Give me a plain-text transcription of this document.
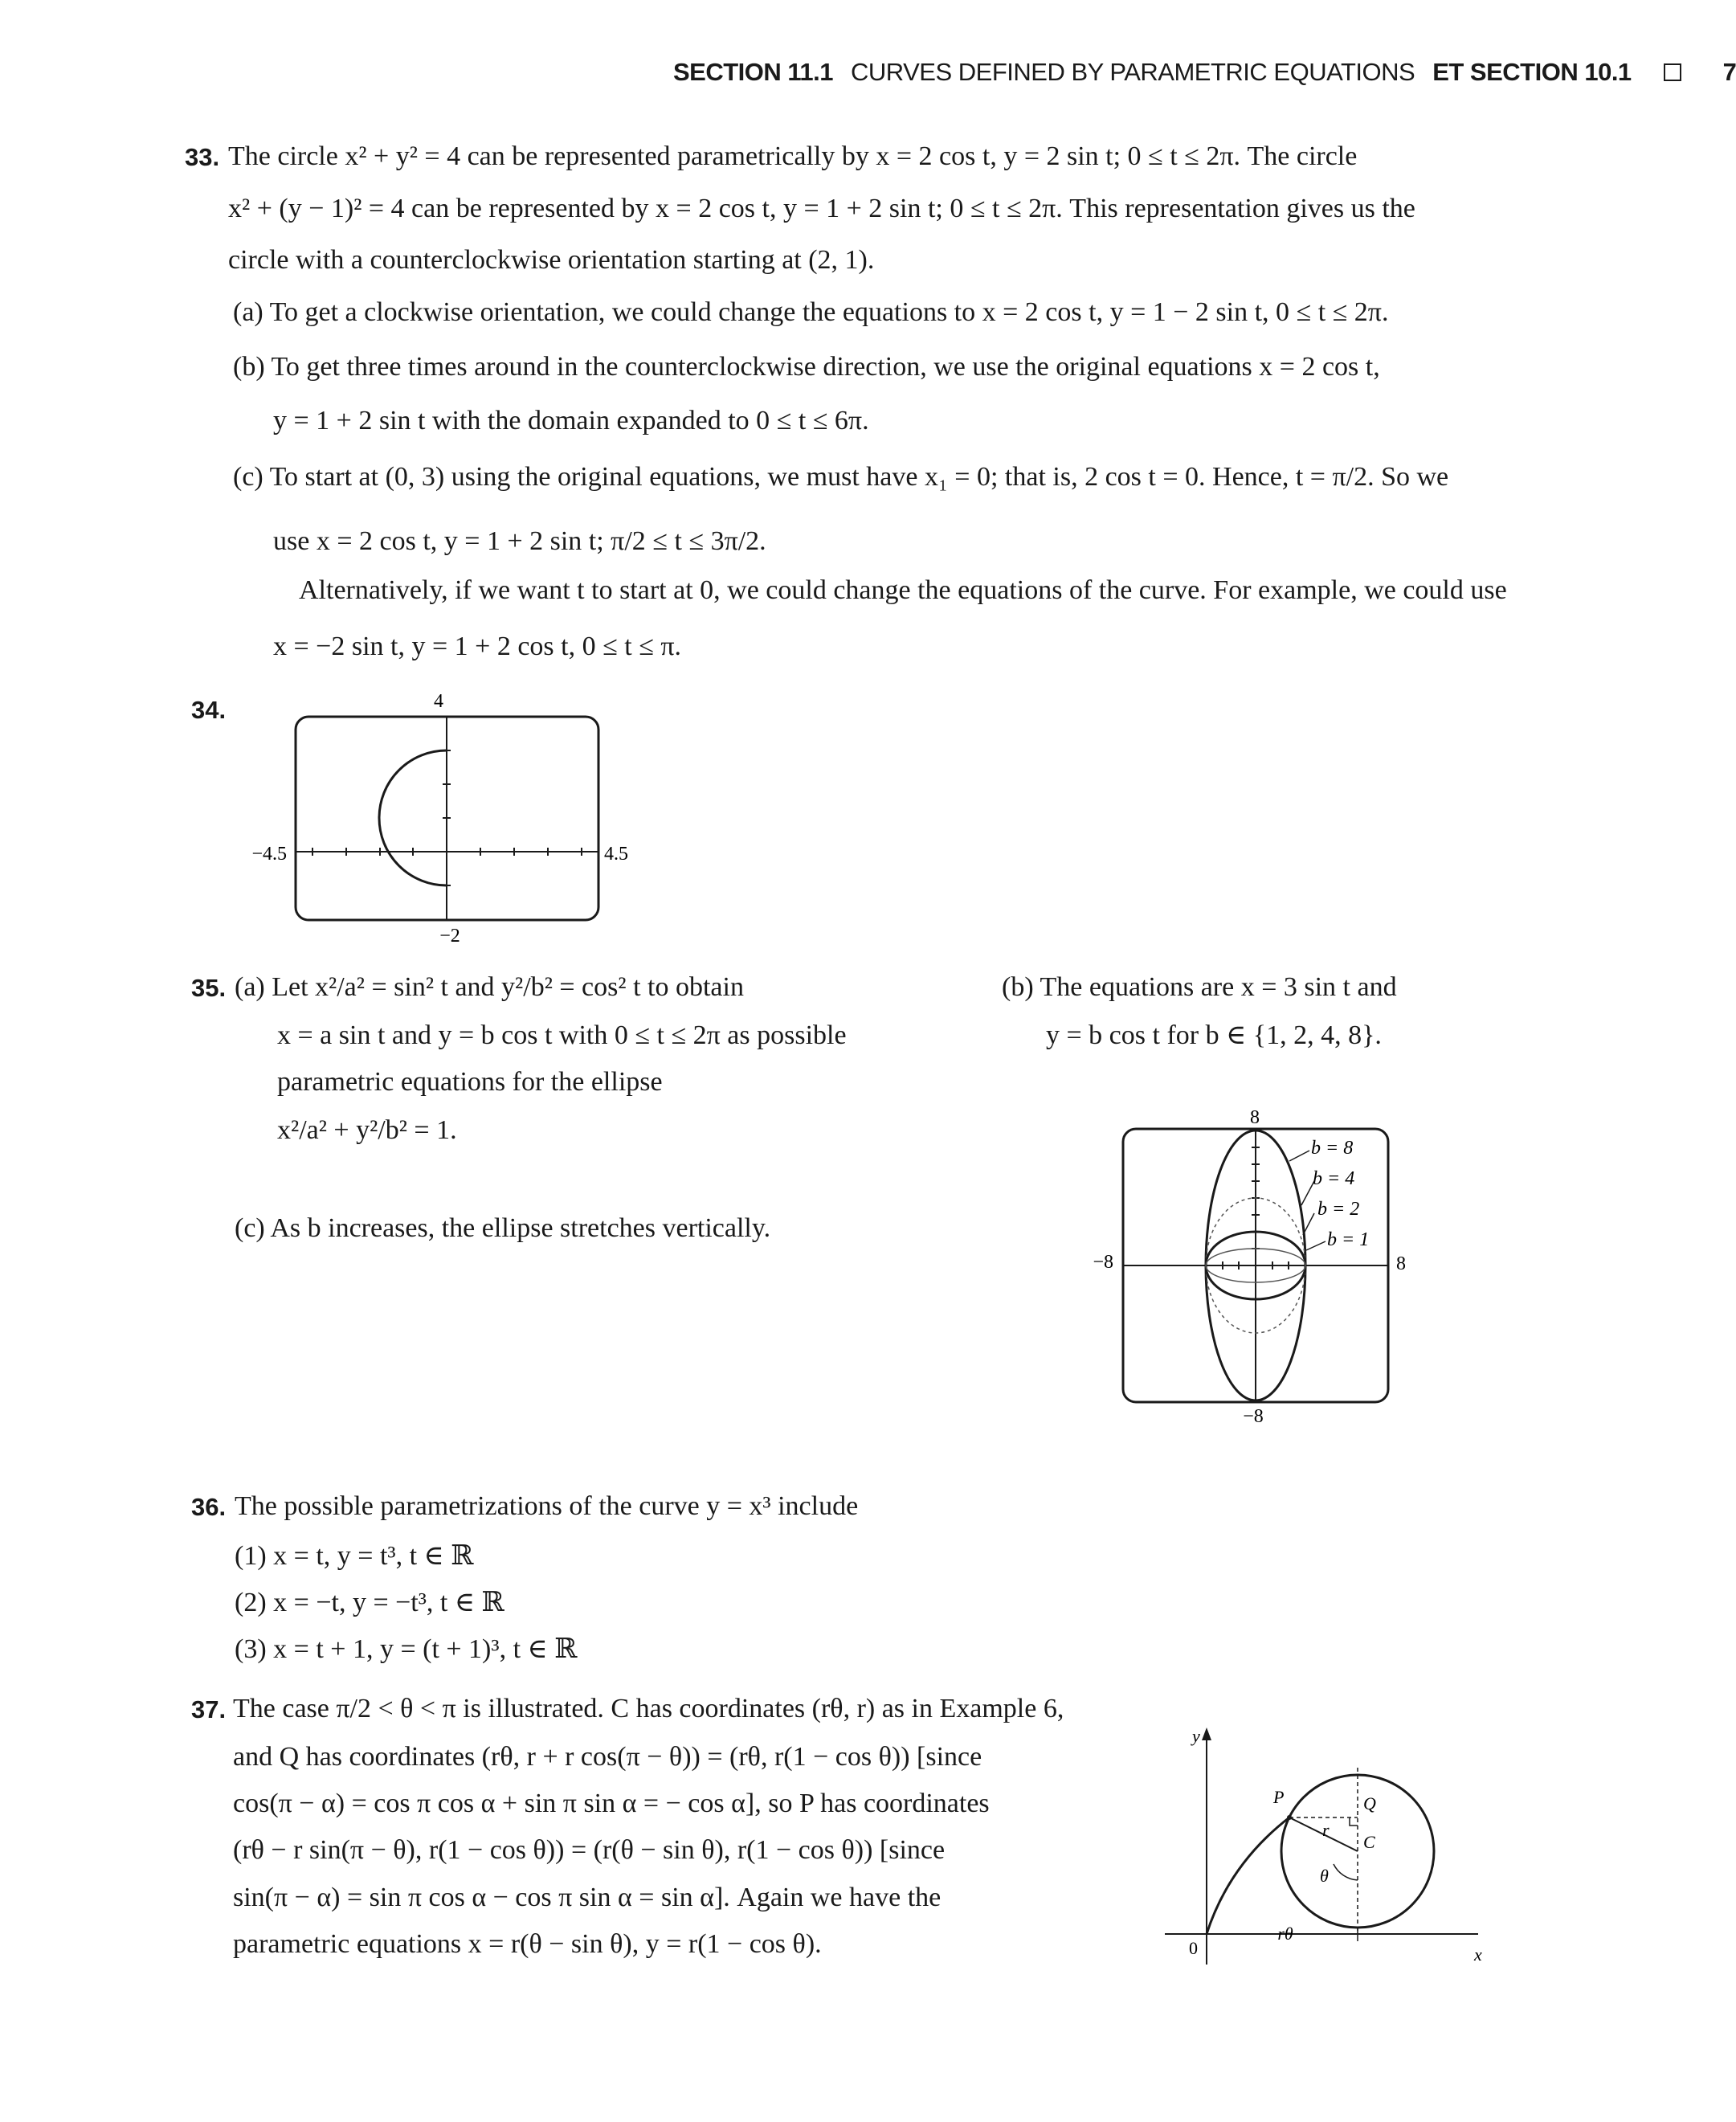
SECTION 11.1 CURVES DEFINED BY PARAMETRIC EQUATIONS ET SECTION 10.1	7
33. The circle x² + y² = 4 can be represented parametrically by x = 2 cos t, y = 2 sin t; 0 ≤ t ≤ 2π. The circle
x² + (y − 1)² = 4 can be represented by x = 2 cos t, y = 1 + 2 sin t; 0 ≤ t ≤ 2π. This representation gives us the
circle with a counterclockwise orientation starting at (2, 1).
(a) To get a clockwise orientation, we could change the equations to x = 2 cos t, y = 1 − 2 sin t, 0 ≤ t ≤ 2π.
(b) To get three times around in the counterclockwise direction, we use the original equations x = 2 cos t,
y = 1 + 2 sin t with the domain expanded to 0 ≤ t ≤ 6π.
(c) To start at (0, 3) using the original equations, we must have x₁ = 0; that is, 2 cos t = 0. Hence, t = π/2. So we
use x = 2 cos t, y = 1 + 2 sin t; π/2 ≤ t ≤ 3π/2.
Alternatively, if we want t to start at 0, we could change the equations of the curve. For example, we could use
x = −2 sin t, y = 1 + 2 cos t, 0 ≤ t ≤ π.
34.	4
−4.5	4.5
−2
35. (a) Let x²/a² = sin² t and y²/b² = cos² t to obtain
x = a sin t and y = b cos t with 0 ≤ t ≤ 2π as possible
parametric equations for the ellipse
x²/a² + y²/b² = 1.
(c) As b increases, the ellipse stretches vertically.
(b) The equations are x = 3 sin t and
y = b cos t for b ∈ {1, 2, 4, 8}.
8
−8	8
−8
b = 8
b = 4
b = 2
b = 1
36. The possible parametrizations of the curve y = x³ include
(1) x = t, y = t³, t ∈ ℝ
(2) x = −t, y = −t³, t ∈ ℝ
(3) x = t + 1, y = (t + 1)³, t ∈ ℝ
37. The case π/2 < θ < π is illustrated. C has coordinates (rθ, r) as in Example 6,
and Q has coordinates (rθ, r + r cos(π − θ)) = (rθ, r(1 − cos θ)) [since
cos(π − α) = cos π cos α + sin π sin α = − cos α], so P has coordinates
(rθ − r sin(π − θ), r(1 − cos θ)) = (r(θ − sin θ), r(1 − cos θ)) [since
sin(π − α) = sin π cos α − cos π sin α = sin α]. Again we have the
parametric equations x = r(θ − sin θ), y = r(1 − cos θ).
y
x
0
P	Q
C
r
θ
rθ
